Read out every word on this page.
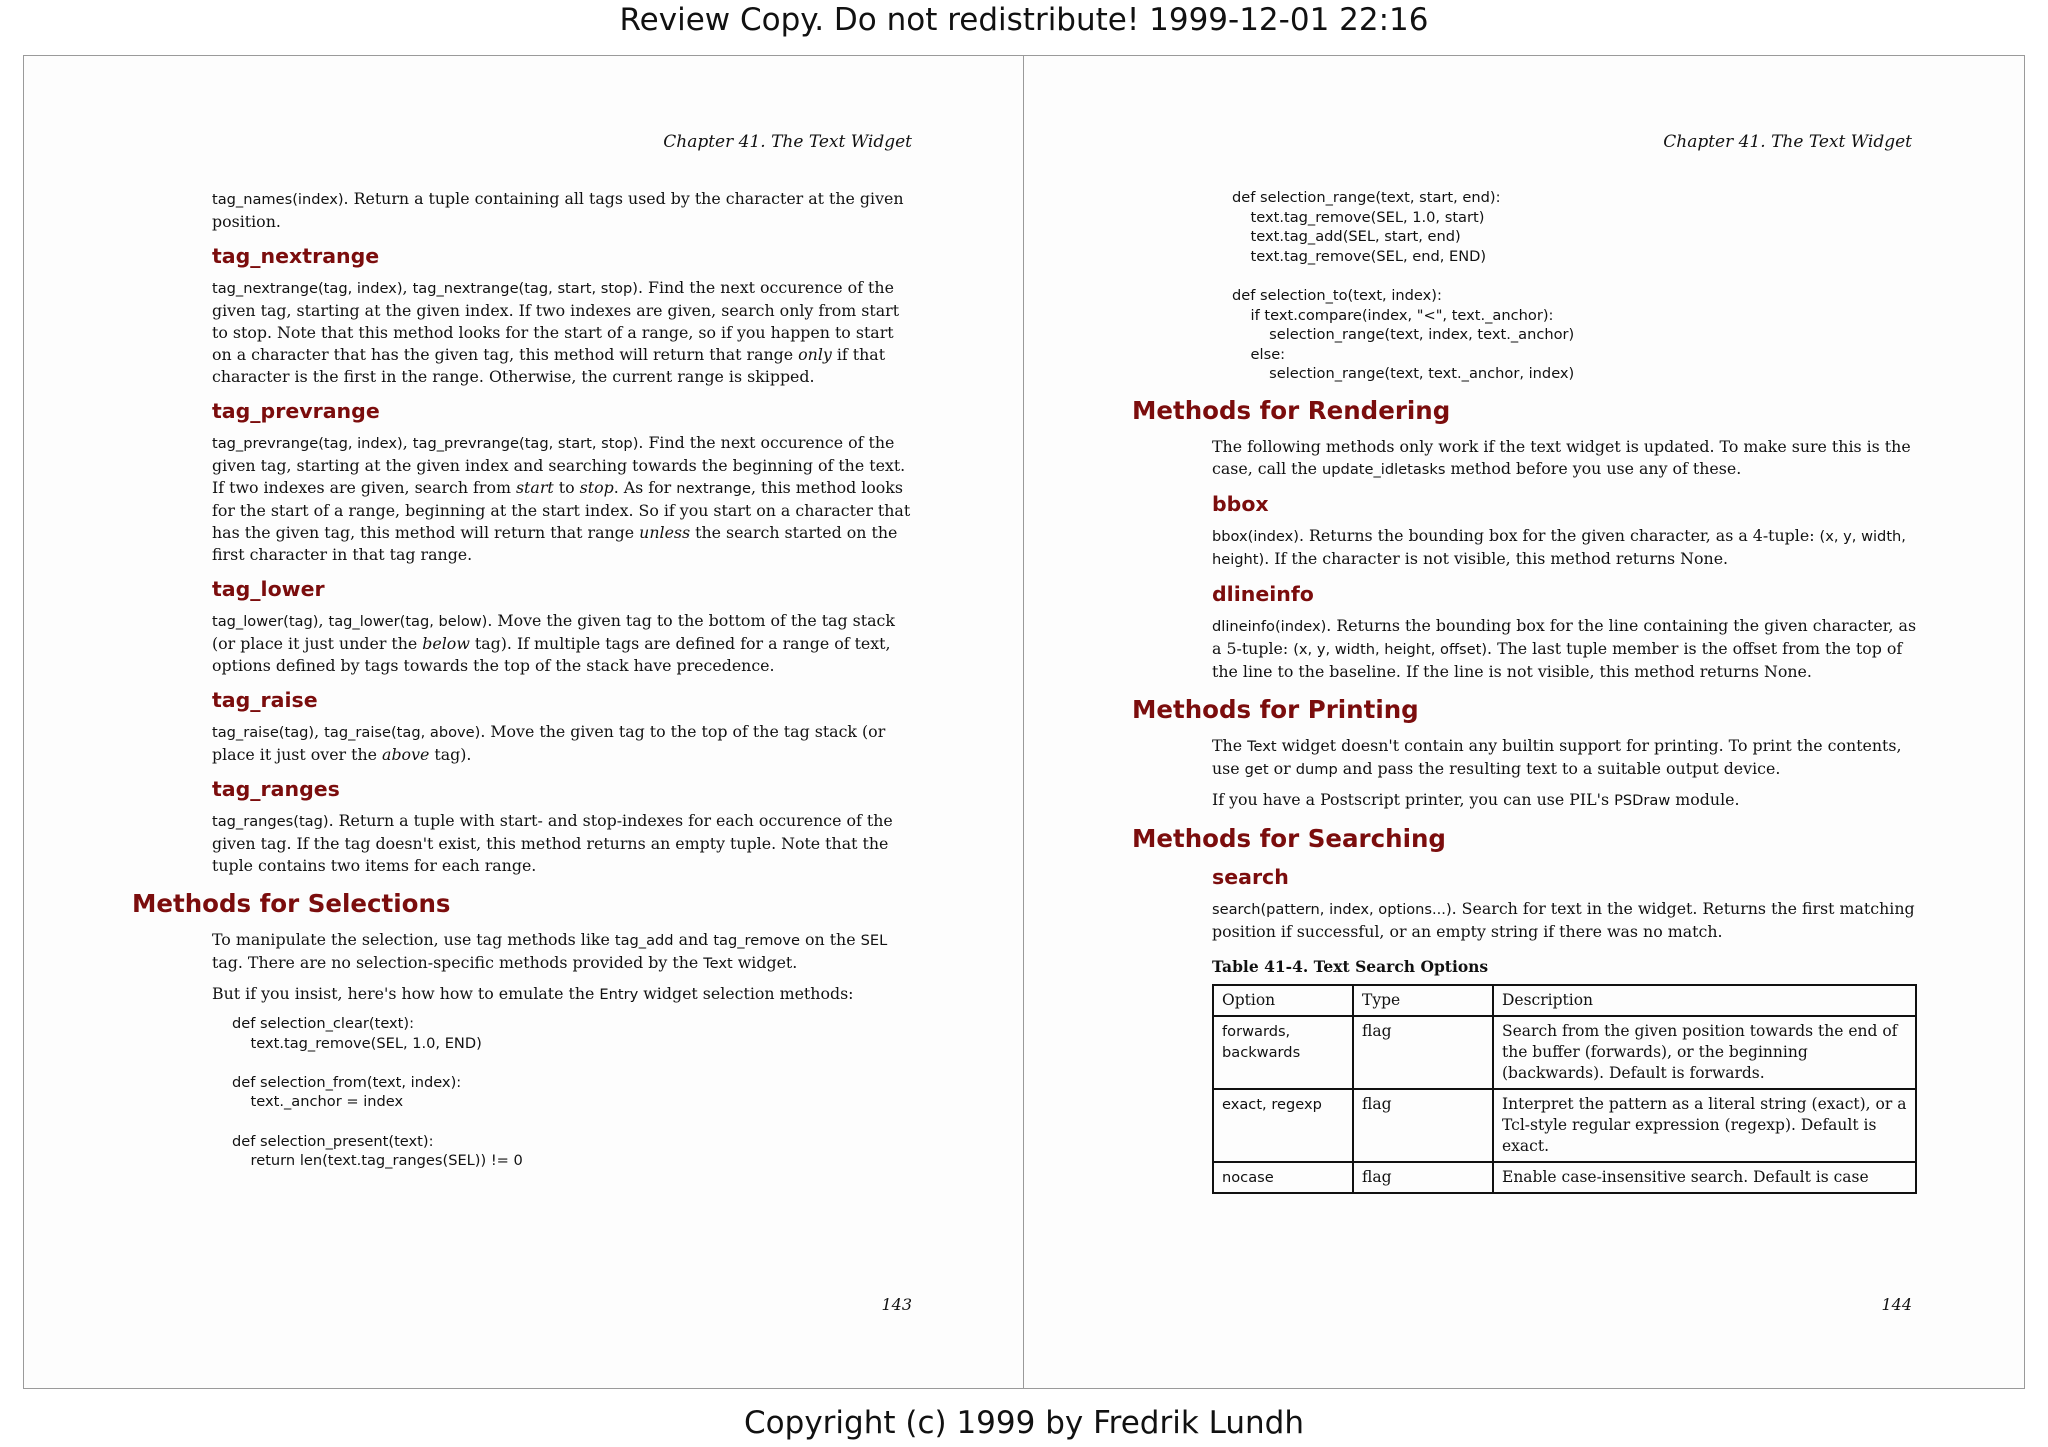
Review Copy. Do not redistribute! 1999-12-01 22:16
Chapter 41. The Text Widget

tag_names(index). Return a tuple containing all tags used by the character at the given position.

tag_nextrange

tag_nextrange(tag, index), tag_nextrange(tag, start, stop). Find the next occurence of the given tag, starting at the given index. If two indexes are given, search only from start to stop. Note that this method looks for the start of a range, so if you happen to start on a character that has the given tag, this method will return that range only if that character is the first in the range. Otherwise, the current range is skipped.

tag_prevrange

tag_prevrange(tag, index), tag_prevrange(tag, start, stop). Find the next occurence of the given tag, starting at the given index and searching towards the beginning of the text. If two indexes are given, search from start to stop. As for nextrange, this method looks for the start of a range, beginning at the start index. So if you start on a character that has the given tag, this method will return that range unless the search started on the first character in that tag range.

tag_lower

tag_lower(tag), tag_lower(tag, below). Move the given tag to the bottom of the tag stack (or place it just under the below tag). If multiple tags are defined for a range of text, options defined by tags towards the top of the stack have precedence.

tag_raise

tag_raise(tag), tag_raise(tag, above). Move the given tag to the top of the tag stack (or place it just over the above tag).

tag_ranges

tag_ranges(tag). Return a tuple with start- and stop-indexes for each occurence of the given tag. If the tag doesn't exist, this method returns an empty tuple. Note that the tuple contains two items for each range.

Methods for Selections

To manipulate the selection, use tag methods like tag_add and tag_remove on the SEL tag. There are no selection-specific methods provided by the Text widget.

But if you insist, here's how how to emulate the Entry widget selection methods:

def selection_clear(text):
text.tag_remove(SEL, 1.0, END)

def selection_from(text, index):
text._anchor = index

def selection_present(text):
return len(text.tag_ranges(SEL)) != 0
143
Chapter 41. The Text Widget
def selection_range(text, start, end):
text.tag_remove(SEL, 1.0, start)
text.tag_add(SEL, start, end)
text.tag_remove(SEL, end, END)

def selection_to(text, index):
if text.compare(index, "<", text._anchor):
selection_range(text, index, text._anchor)
else:
selection_range(text, text._anchor, index)
Methods for Rendering

The following methods only work if the text widget is updated. To make sure this is the case, call the update_idletasks method before you use any of these.

bbox

bbox(index). Returns the bounding box for the given character, as a 4-tuple: (x, y, width, height). If the character is not visible, this method returns None.

dlineinfo

dlineinfo(index). Returns the bounding box for the line containing the given character, as a 5-tuple: (x, y, width, height, offset). The last tuple member is the offset from the top of the line to the baseline. If the line is not visible, this method returns None.

Methods for Printing

The Text widget doesn't contain any builtin support for printing. To print the contents, use get or dump and pass the resulting text to a suitable output device.

If you have a Postscript printer, you can use PIL's PSDraw module.

Methods for Searching
search

search(pattern, index, options...). Search for text in the widget. Returns the first matching position if successful, or an empty string if there was no match.

Table 41-4. Text Search Options
Option	Type	Description
forwards, backwards	flag	Search from the given position towards the end of the buffer (forwards), or the beginning (backwards). Default is forwards.
exact, regexp	flag	Interpret the pattern as a literal string (exact), or a Tcl-style regular expression (regexp). Default is exact.
nocase	flag	Enable case-insensitive search. Default is case
144
Copyright (c) 1999 by Fredrik Lundh
